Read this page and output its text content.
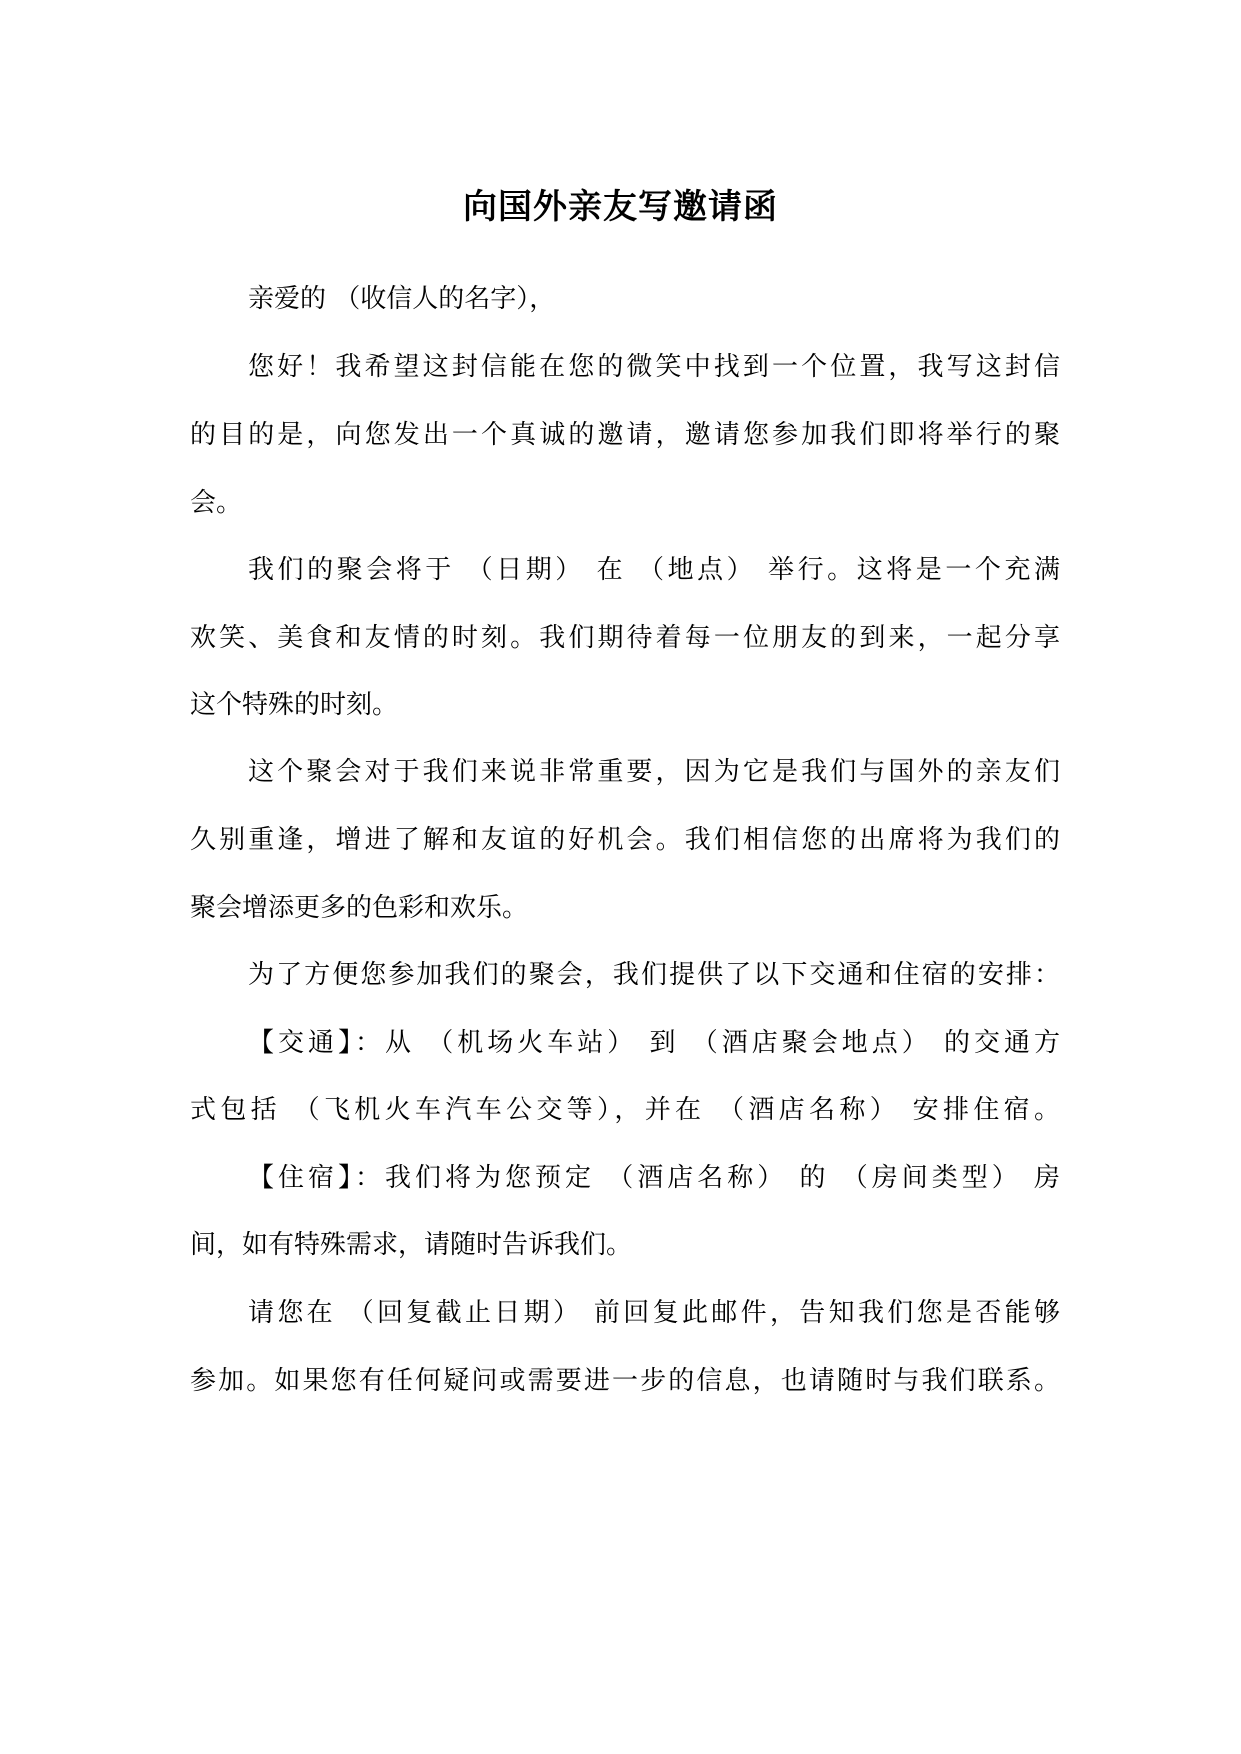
向国外亲友写邀请函
亲爱的 （收信人的名字），
您好！我希望这封信能在您的微笑中找到一个位置，我写这封信
的目的是，向您发出一个真诚的邀请，邀请您参加我们即将举行的聚
会。
我们的聚会将于 （日期） 在 （地点） 举行。这将是一个充满
欢笑、美食和友情的时刻。我们期待着每一位朋友的到来，一起分享
这个特殊的时刻。
这个聚会对于我们来说非常重要，因为它是我们与国外的亲友们
久别重逢，增进了解和友谊的好机会。我们相信您的出席将为我们的
聚会增添更多的色彩和欢乐。
为了方便您参加我们的聚会，我们提供了以下交通和住宿的安排：
【交通】：从 （机场火车站） 到 （酒店聚会地点） 的交通方
式包括 （飞机火车汽车公交等），并在 （酒店名称） 安排住宿。
【住宿】：我们将为您预定 （酒店名称） 的 （房间类型） 房
间，如有特殊需求，请随时告诉我们。
请您在 （回复截止日期） 前回复此邮件，告知我们您是否能够
参加。如果您有任何疑问或需要进一步的信息，也请随时与我们联系。
